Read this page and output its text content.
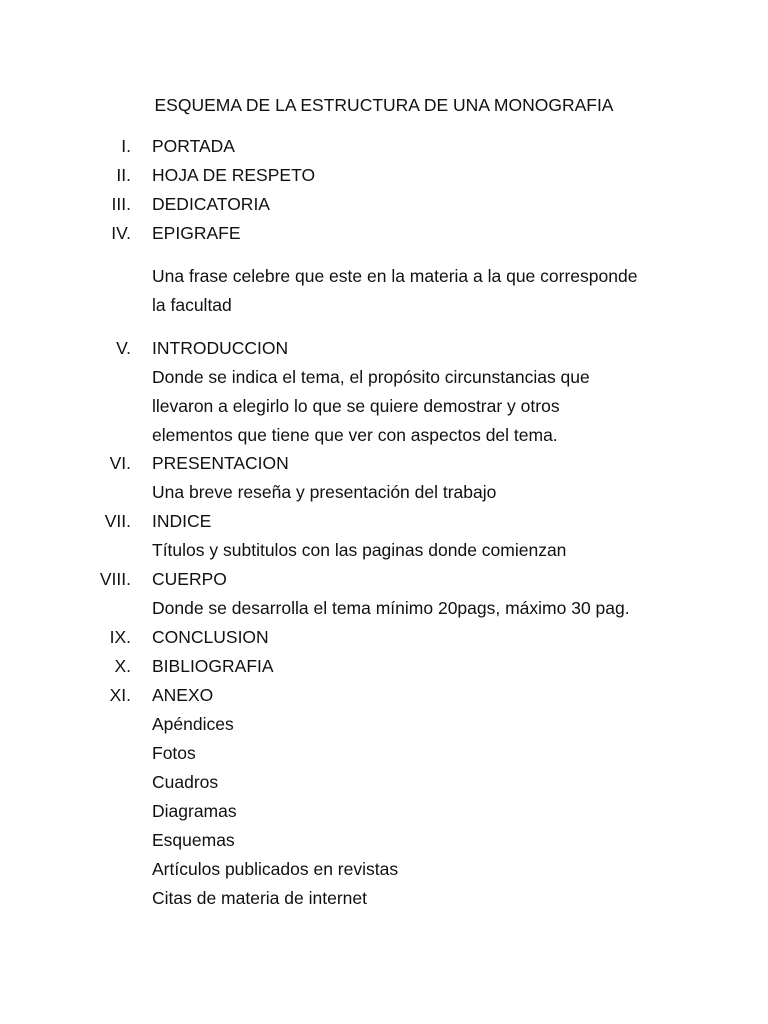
ESQUEMA DE LA ESTRUCTURA DE UNA MONOGRAFIA
I. PORTADA
II. HOJA DE RESPETO
III. DEDICATORIA
IV. EPIGRAFE
Una frase celebre que este en la materia a la que corresponde
la facultad
V. INTRODUCCION
Donde se indica el tema, el propósito circunstancias que
llevaron a elegirlo lo que se quiere demostrar y otros
elementos que tiene que ver con aspectos del tema.
VI. PRESENTACION
Una breve reseña y presentación del trabajo
VII. INDICE
Títulos y subtitulos con las paginas donde comienzan
VIII. CUERPO
Donde se desarrolla el tema mínimo 20pags, máximo 30 pag.
IX. CONCLUSION
X. BIBLIOGRAFIA
XI. ANEXO
Apéndices
Fotos
Cuadros
Diagramas
Esquemas
Artículos publicados en revistas
Citas de materia de internet
